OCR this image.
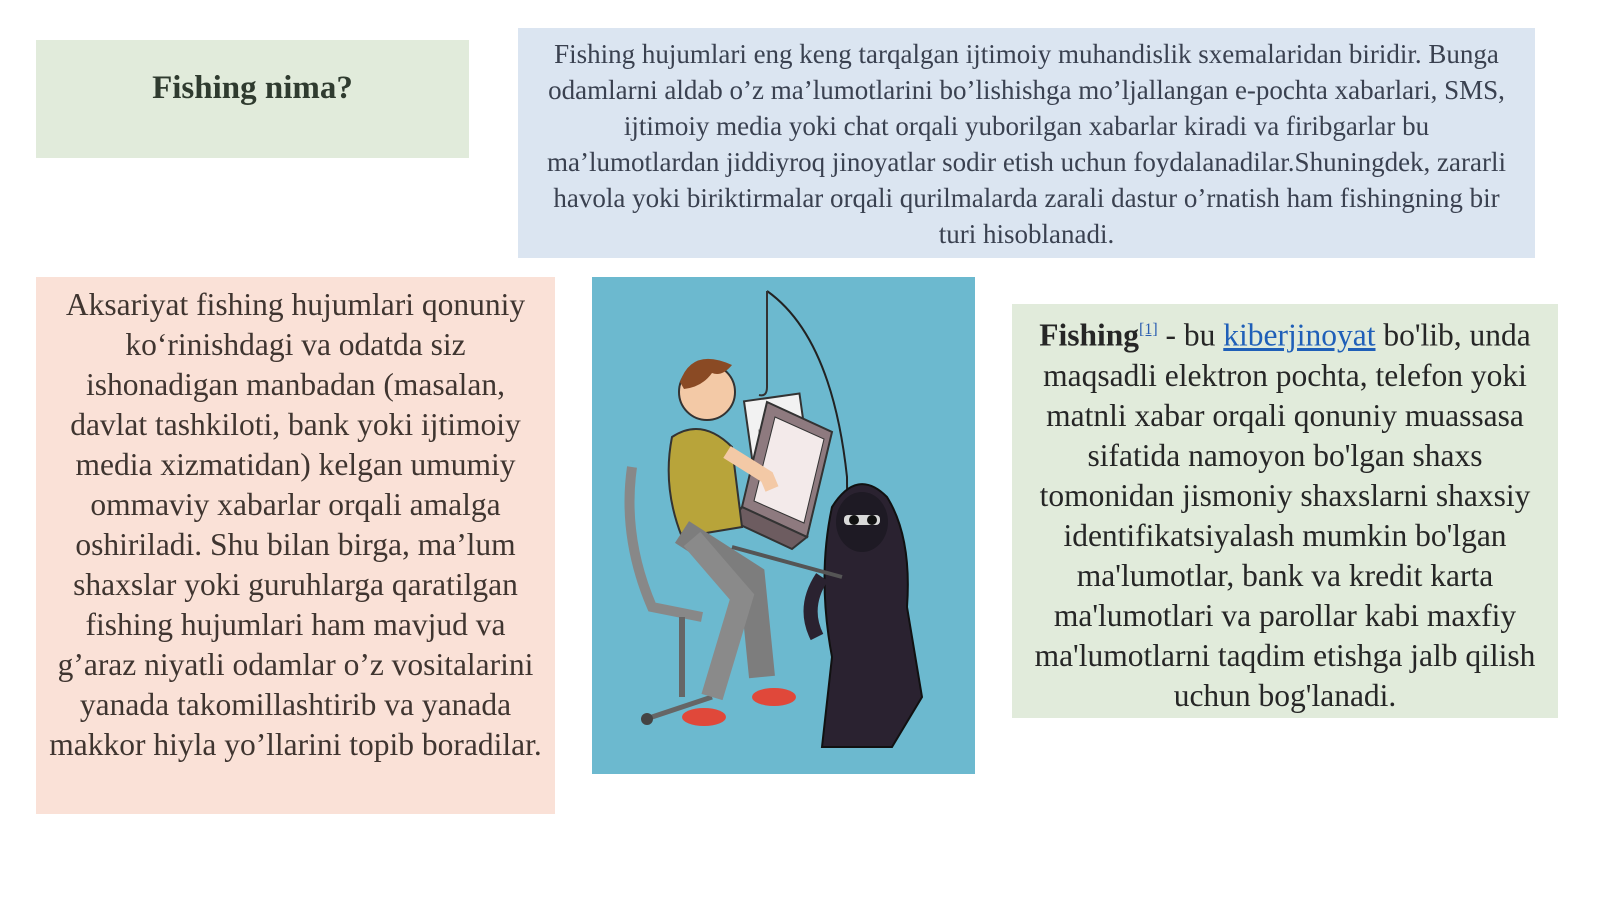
Fishing nima?
Fishing hujumlari eng keng tarqalgan ijtimoiy muhandislik sxemalaridan biridir. Bunga odamlarni aldab o’z ma’lumotlarini bo’lishishga mo’ljallangan e-pochta xabarlari, SMS, ijtimoiy media yoki chat orqali yuborilgan xabarlar kiradi va firibgarlar bu ma’lumotlardan jiddiyroq jinoyatlar sodir etish uchun foydalanadilar.Shuningdek, zararli havola yoki biriktirmalar orqali qurilmalarda zarali dastur o’rnatish ham fishingning bir turi hisoblanadi.
Aksariyat fishing hujumlari qonuniy ko‘rinishdagi va odatda siz ishonadigan manbadan (masalan, davlat tashkiloti, bank yoki ijtimoiy media xizmatidan) kelgan umumiy ommaviy xabarlar orqali amalga oshiriladi. Shu bilan birga, ma’lum shaxslar yoki guruhlarga qaratilgan fishing hujumlari ham mavjud va g’araz niyatli odamlar o’z vositalarini yanada takomillashtirib va yanada makkor hiyla yo’llarini topib boradilar.
Fishing[1] - bu kiberjinoyat bo'lib, unda maqsadli elektron pochta, telefon yoki matnli xabar orqali qonuniy muassasa sifatida namoyon bo'lgan shaxs tomonidan jismoniy shaxslarni shaxsiy identifikatsiyalash mumkin bo'lgan ma'lumotlar, bank va kredit karta ma'lumotlari va parollar kabi maxfiy ma'lumotlarni taqdim etishga jalb qilish uchun bog'lanadi.
